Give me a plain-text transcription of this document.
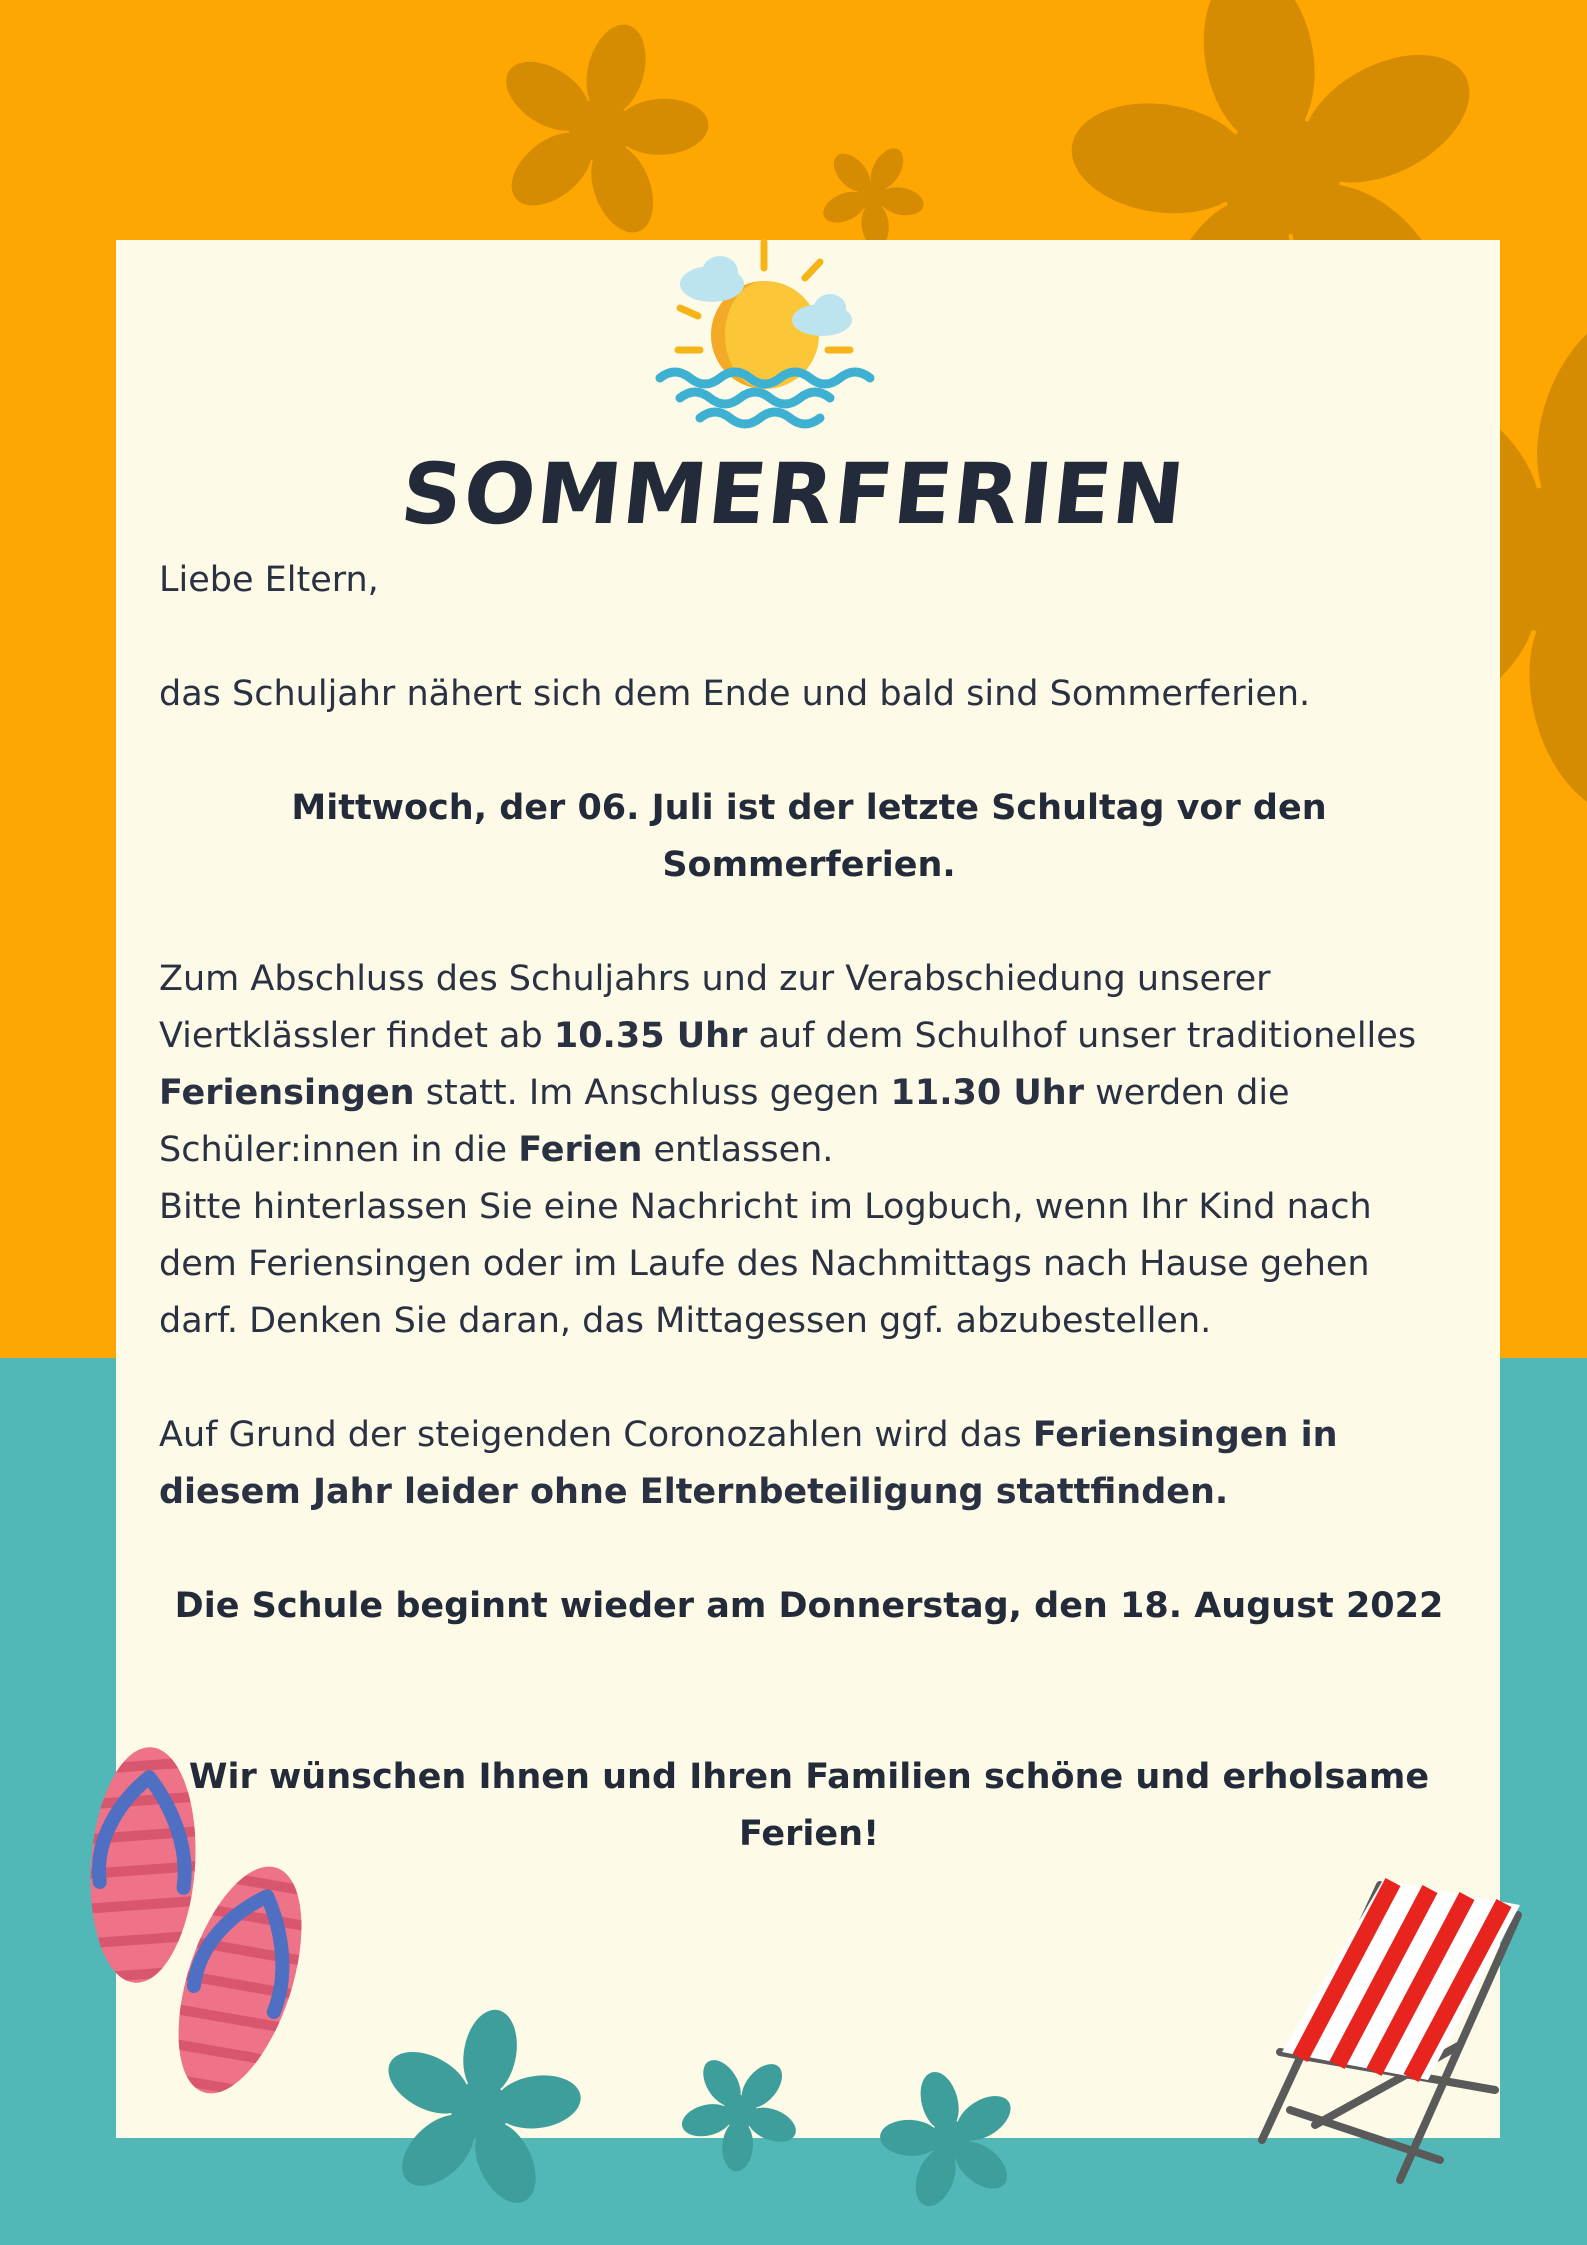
SOMMERFERIEN

Liebe Eltern,

das Schuljahr nähert sich dem Ende und bald sind Sommerferien.

Mittwoch, der 06. Juli ist der letzte Schultag vor den Sommerferien.

Zum Abschluss des Schuljahrs und zur Verabschiedung unserer Viertklässler findet ab 10.35 Uhr auf dem Schulhof unser traditionelles Feriensingen statt. Im Anschluss gegen 11.30 Uhr werden die Schüler:innen in die Ferien entlassen.

Bitte hinterlassen Sie eine Nachricht im Logbuch, wenn Ihr Kind nach dem Feriensingen oder im Laufe des Nachmittags nach Hause gehen darf. Denken Sie daran, das Mittagessen ggf. abzubestellen.

Auf Grund der steigenden Coronozahlen wird das Feriensingen in diesem Jahr leider ohne Elternbeteiligung stattfinden.

Die Schule beginnt wieder am Donnerstag, den 18. August 2022

Wir wünschen Ihnen und Ihren Familien schöne und erholsame Ferien!
